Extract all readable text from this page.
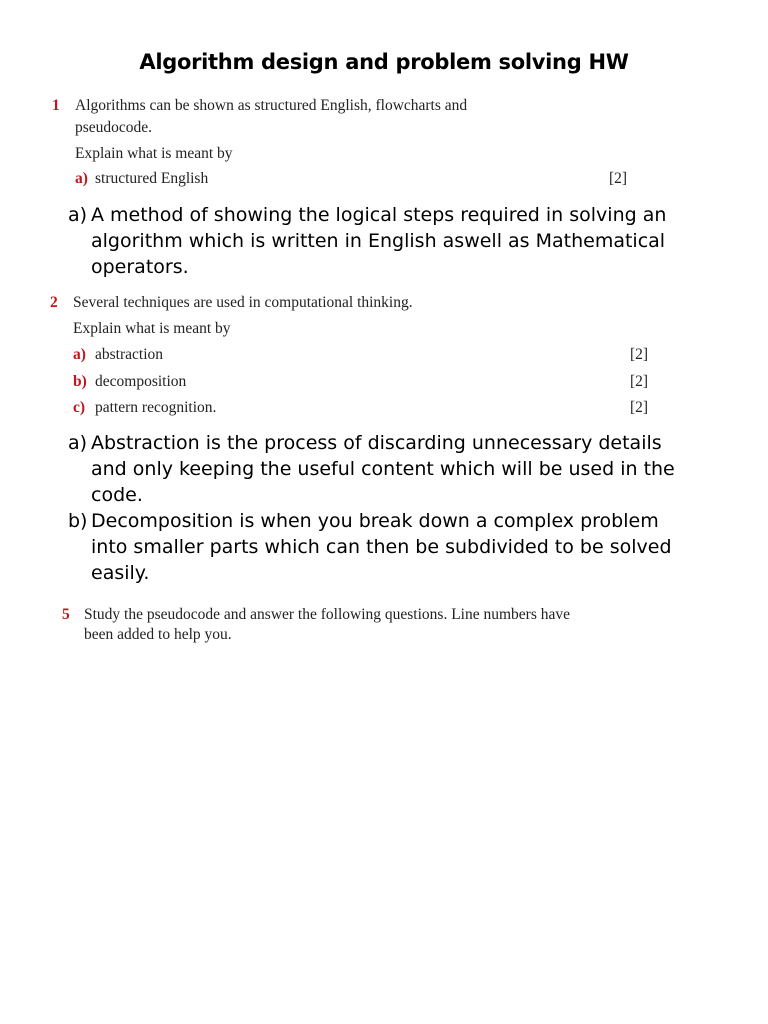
Algorithm design and problem solving HW
1 Algorithms can be shown as structured English, flowcharts and
pseudocode.
Explain what is meant by
a) structured English	[2]
a) A method of showing the logical steps required in solving an
algorithm which is written in English aswell as Mathematical
operators.
2 Several techniques are used in computational thinking.
Explain what is meant by
a) abstraction	[2]
b) decomposition	[2]
c) pattern recognition.	[2]
a) Abstraction is the process of discarding unnecessary details
and only keeping the useful content which will be used in the
code.
b) Decomposition is when you break down a complex problem
into smaller parts which can then be subdivided to be solved
easily.
5 Study the pseudocode and answer the following questions. Line numbers have
been added to help you.
